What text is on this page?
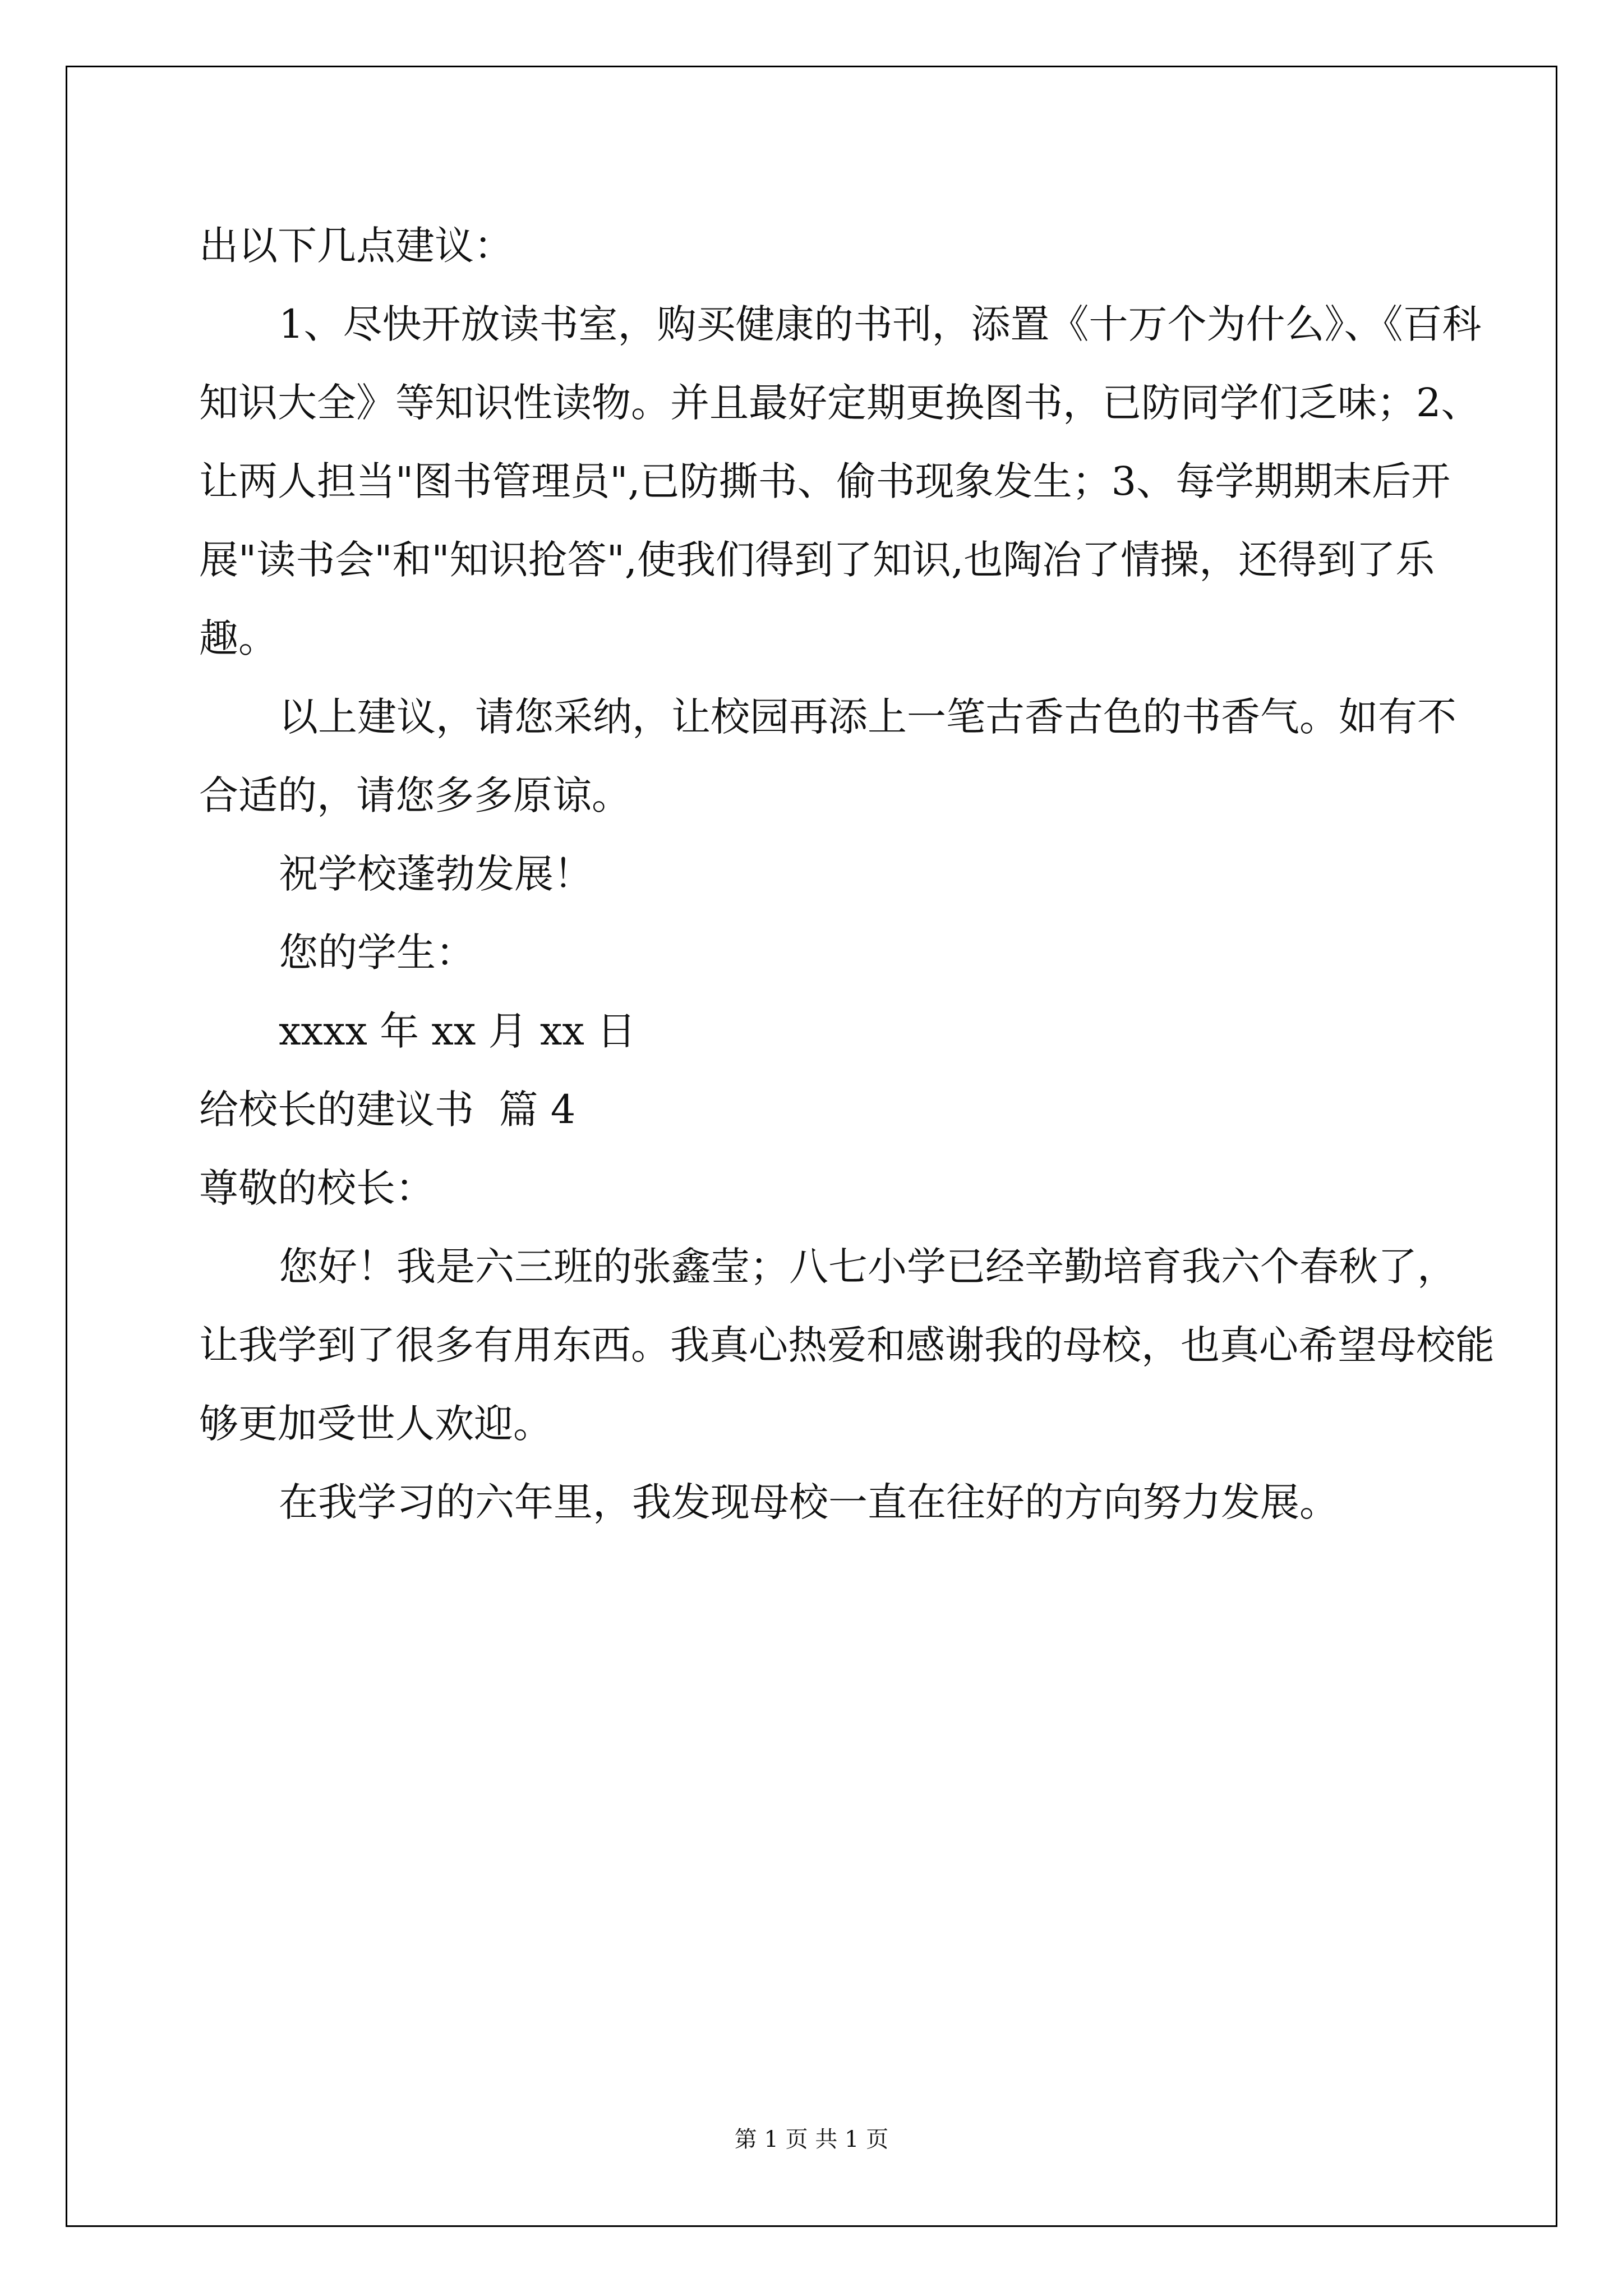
出以下几点建议：

1、尽快开放读书室，购买健康的书刊，添置《十万个为什么》、《百科知识大全》等知识性读物。并且最好定期更换图书，已防同学们乏味；2、让两人担当"图书管理员",已防撕书、偷书现象发生；3、每学期期末后开展"读书会"和"知识抢答",使我们得到了知识,也陶冶了情操，还得到了乐趣。

以上建议，请您采纳，让校园再添上一笔古香古色的书香气。如有不合适的，请您多多原谅。

祝学校蓬勃发展！

您的学生：

xxxx 年 xx 月 xx 日

给校长的建议书  篇 4

尊敬的校长：

您好！我是六三班的张鑫莹；八七小学已经辛勤培育我六个春秋了，让我学到了很多有用东西。我真心热爱和感谢我的母校，也真心希望母校能够更加受世人欢迎。

在我学习的六年里，我发现母校一直在往好的方向努力发展。

第 1 页 共 1 页
